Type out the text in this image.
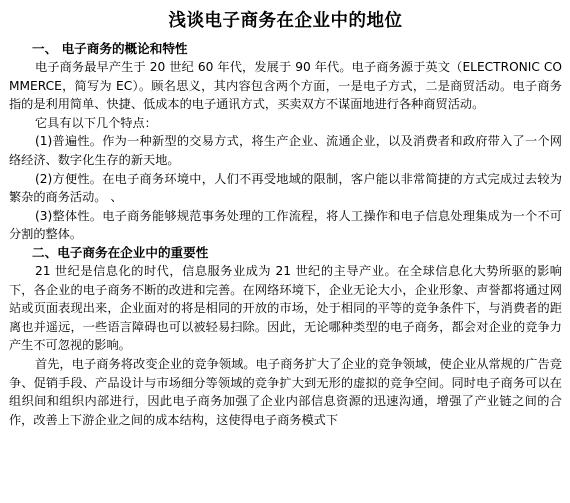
浅谈电子商务在企业中的地位
一、 电子商务的概论和特性

电子商务最早产生于 20 世纪 60 年代，发展于 90 年代。电子商务源于英文（ELECTRONIC COMMERCE，简写为 EC）。顾名思义，其内容包含两个方面，一是电子方式，二是商贸活动。电子商务指的是利用简单、快捷、低成本的电子通讯方式，买卖双方不谋面地进行各种商贸活动。

它具有以下几个特点：

(1)普遍性。作为一种新型的交易方式，将生产企业、流通企业，以及消费者和政府带入了一个网络经济、数字化生存的新天地。

(2)方便性。在电子商务环境中，人们不再受地域的限制，客户能以非常简捷的方式完成过去较为繁杂的商务活动。 、

(3)整体性。电子商务能够规范事务处理的工作流程，将人工操作和电子信息处理集成为一个不可分割的整体。

二、电子商务在企业中的重要性

21 世纪是信息化的时代，信息服务业成为 21 世纪的主导产业。在全球信息化大势所驱的影响下，各企业的电子商务不断的改进和完善。在网络环境下，企业无论大小，企业形象、声誉都将通过网站或页面表现出来，企业面对的将是相同的开放的市场，处于相同的平等的竞争条件下，与消费者的距离也并遥远，一些语言障碍也可以被轻易扫除。因此，无论哪种类型的电子商务，都会对企业的竞争力产生不可忽视的影响。

首先，电子商务将改变企业的竞争领域。电子商务扩大了企业的竞争领域，使企业从常规的广告竞争、促销手段、产品设计与市场细分等领域的竞争扩大到无形的虚拟的竞争空间。同时电子商务可以在组织间和组织内部进行，因此电子商务加强了企业内部信息资源的迅速沟通，增强了产业链之间的合作，改善上下游企业之间的成本结构，这使得电子商务模式下
